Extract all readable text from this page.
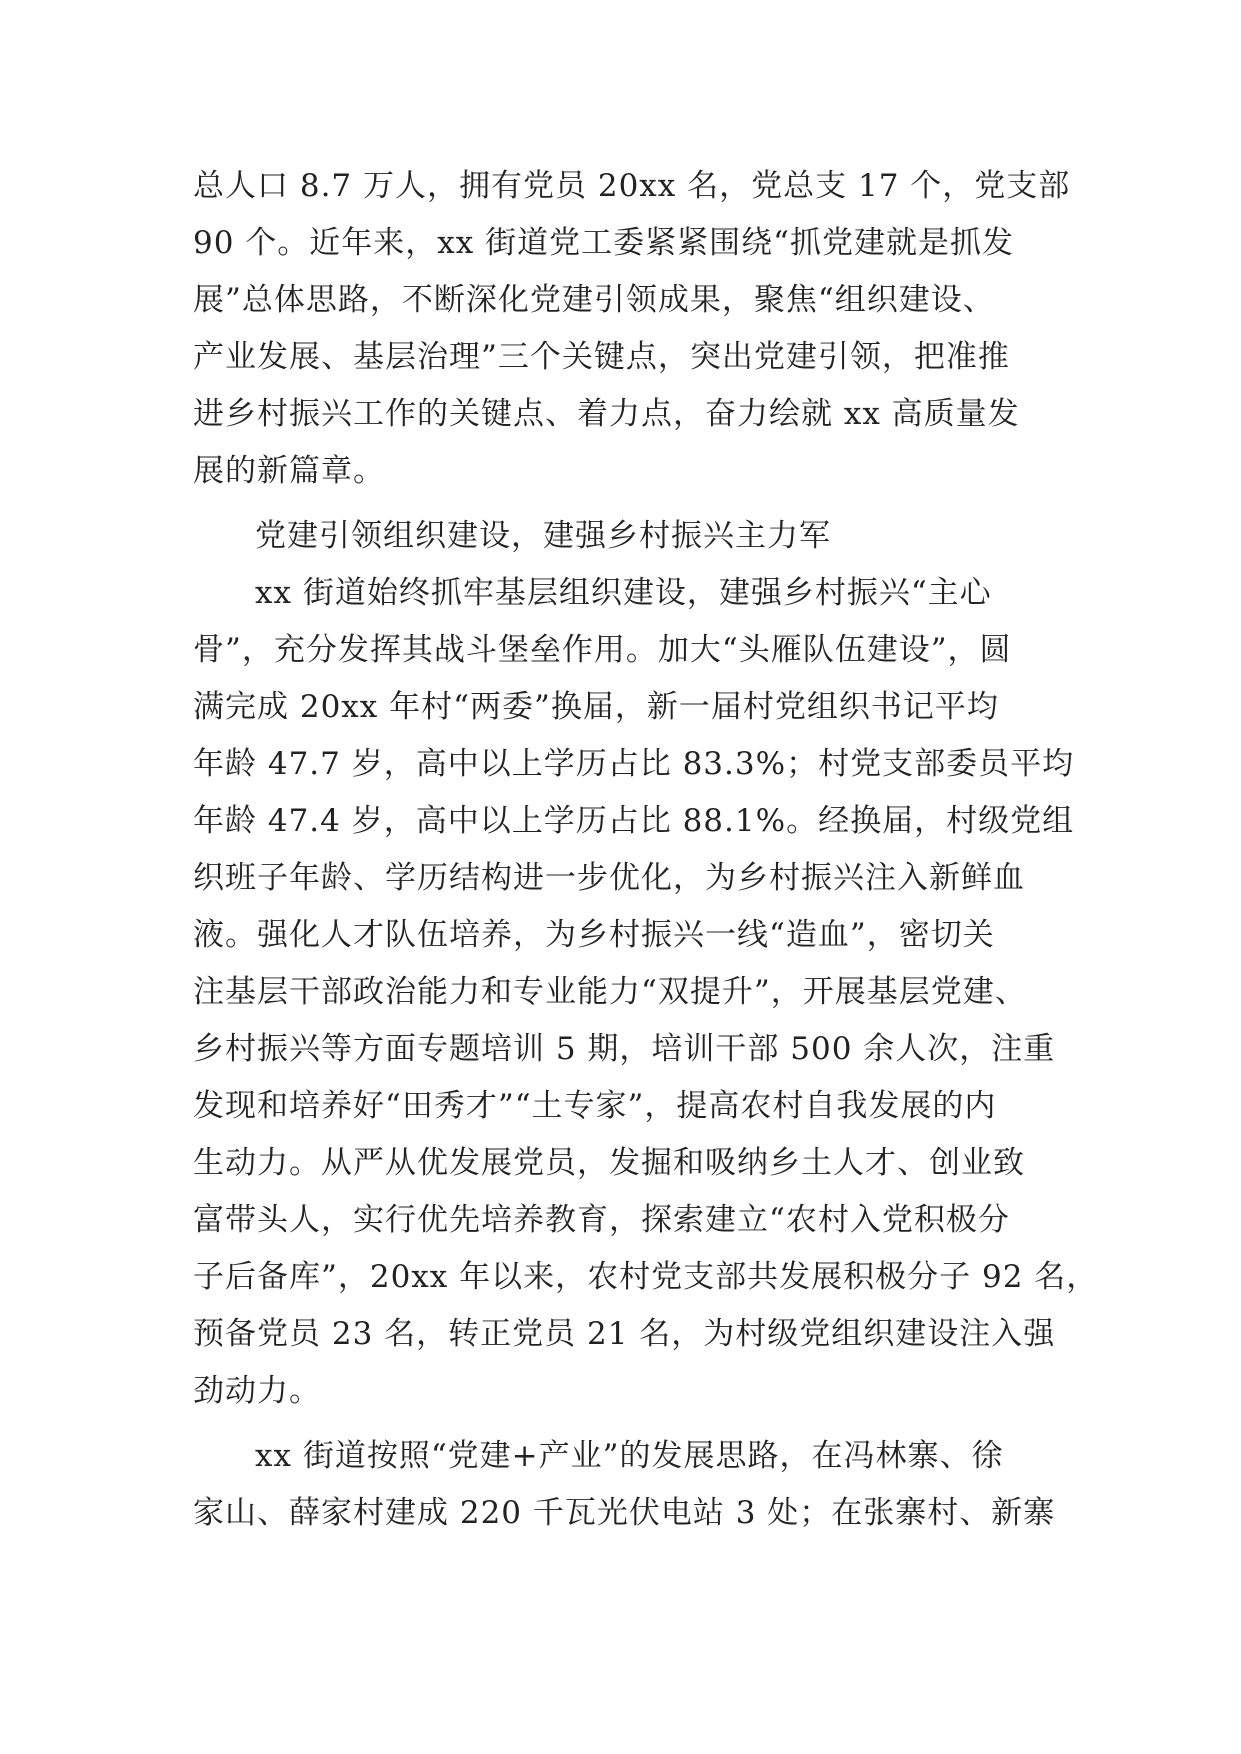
总人口 8.7 万人，拥有党员 20xx 名，党总支 17 个，党支部
90 个。近年来，xx 街道党工委紧紧围绕“抓党建就是抓发
展”总体思路，不断深化党建引领成果，聚焦“组织建设、
产业发展、基层治理”三个关键点，突出党建引领，把准推
进乡村振兴工作的关键点、着力点，奋力绘就 xx 高质量发
展的新篇章。
党建引领组织建设，建强乡村振兴主力军
xx 街道始终抓牢基层组织建设，建强乡村振兴“主心
骨”，充分发挥其战斗堡垒作用。加大“头雁队伍建设”，圆
满完成 20xx 年村“两委”换届，新一届村党组织书记平均
年龄 47.7 岁，高中以上学历占比 83.3%；村党支部委员平均
年龄 47.4 岁，高中以上学历占比 88.1%。经换届，村级党组
织班子年龄、学历结构进一步优化，为乡村振兴注入新鲜血
液。强化人才队伍培养，为乡村振兴一线“造血”，密切关
注基层干部政治能力和专业能力“双提升”，开展基层党建、
乡村振兴等方面专题培训 5 期，培训干部 500 余人次，注重
发现和培养好“田秀才”“土专家”，提高农村自我发展的内
生动力。从严从优发展党员，发掘和吸纳乡土人才、创业致
富带头人，实行优先培养教育，探索建立“农村入党积极分
子后备库”，20xx 年以来，农村党支部共发展积极分子 92 名，
预备党员 23 名，转正党员 21 名，为村级党组织建设注入强
劲动力。
xx 街道按照“党建+产业”的发展思路，在冯林寨、徐
家山、薛家村建成 220 千瓦光伏电站 3 处；在张寨村、新寨
